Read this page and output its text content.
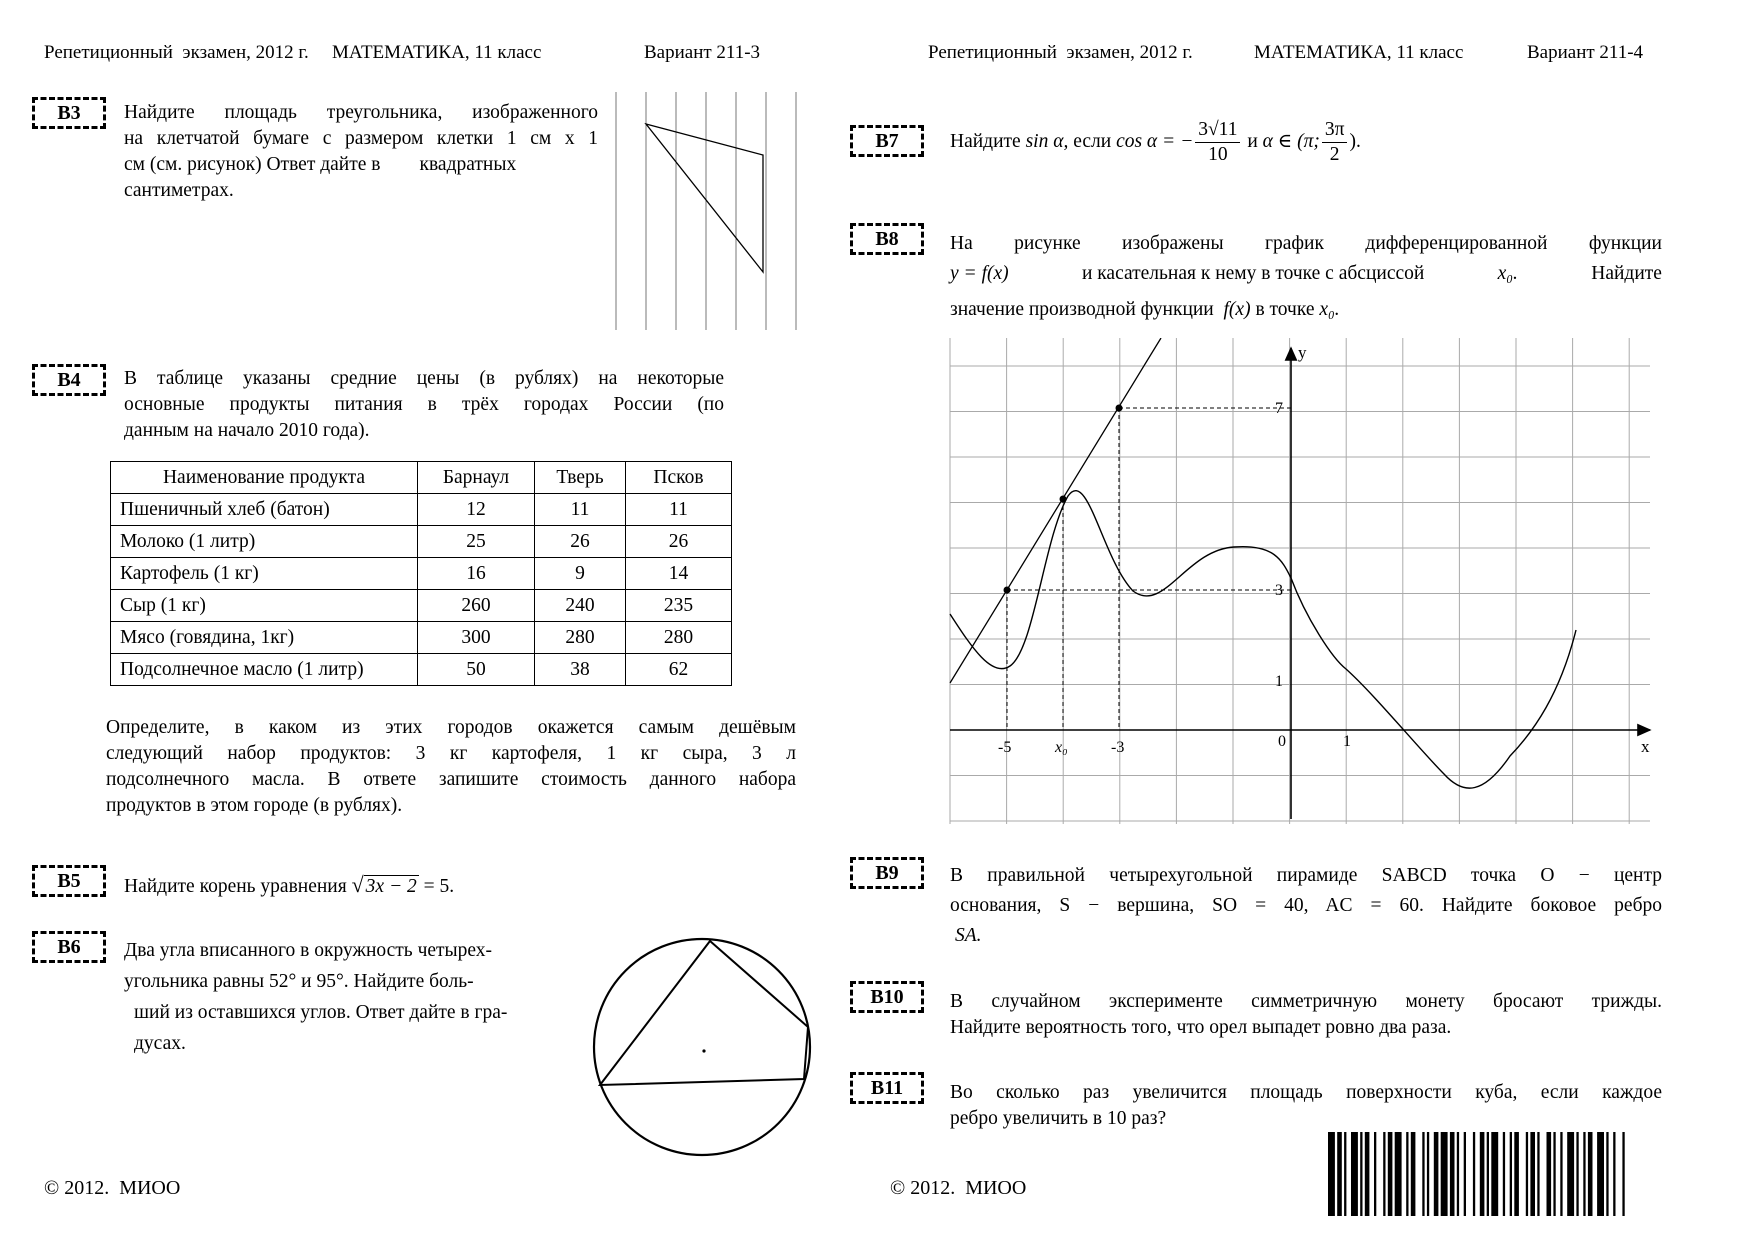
Репетиционный  экзамен, 2012 г. МАТЕМАТИКА, 11 класс	Вариант 211-3	Репетиционный  экзамен, 2012 г.	МАТЕМАТИКА, 11 класс	Вариант 211-4
B3	Найдите площадь треугольника, изображенного
на клетчатой бумаге с размером клетки 1 см х 1
см (см. рисунок) Ответ дайте в        квадратных
сантиметрах.
B4	В таблице указаны средние цены (в рублях) на некоторые
основные продукты питания в трёх городах России (по
данным на начало 2010 года).
Наименование продукта	Барнаул	Тверь	Псков
Пшеничный хлеб (батон)	12	11	11
Молоко (1 литр)	25	26	26
Картофель (1 кг)	16	9	14
Сыр (1 кг)	260	240	235
Мясо (говядина, 1кг)	300	280	280
Подсолнечное масло (1 литр)	50	38	62
Определите, в каком из этих городов окажется самым дешёвым
следующий набор продуктов: 3 кг картофеля, 1 кг сыра, 3 л
подсолнечного масла. В ответе запишите стоимость данного набора
продуктов в этом городе (в рублях).
B5	Найдите корень уравнения √ 3x − 2 = 5.
B6	Два угла вписанного в окружность четырех-
угольника равны 52° и 95°. Найдите боль-
ший из оставшихся углов. Ответ дайте в гра-
дусах.
B7	Найдите sin α, если cos α = − $\frac{3√11}{10}$ и α ∈ (π; $\frac{3\pi}{2}$ ).
B8	На рисунке изображены график дифференцированной функции
y = f(x)	и касательная к нему в точке с абсциссой	x₀.	Найдите
значение производной функции f(x) в точке x₀.
y
x
7
3
1
-5	x₀	-3	0	1
B9	В правильной четырехугольной пирамиде SABCD точка O − центр
основания, S − вершина, SO = 40, AC = 60. Найдите боковое ребро
SA.
B10	В случайном эксперименте симметричную монету бросают трижды.
Найдите вероятность того, что орел выпадет ровно два раза.
B11	Во сколько раз увеличится площадь поверхности куба, если каждое
ребро увеличить в 10 раз?
© 2012.  МИОО	© 2012.  МИОО
